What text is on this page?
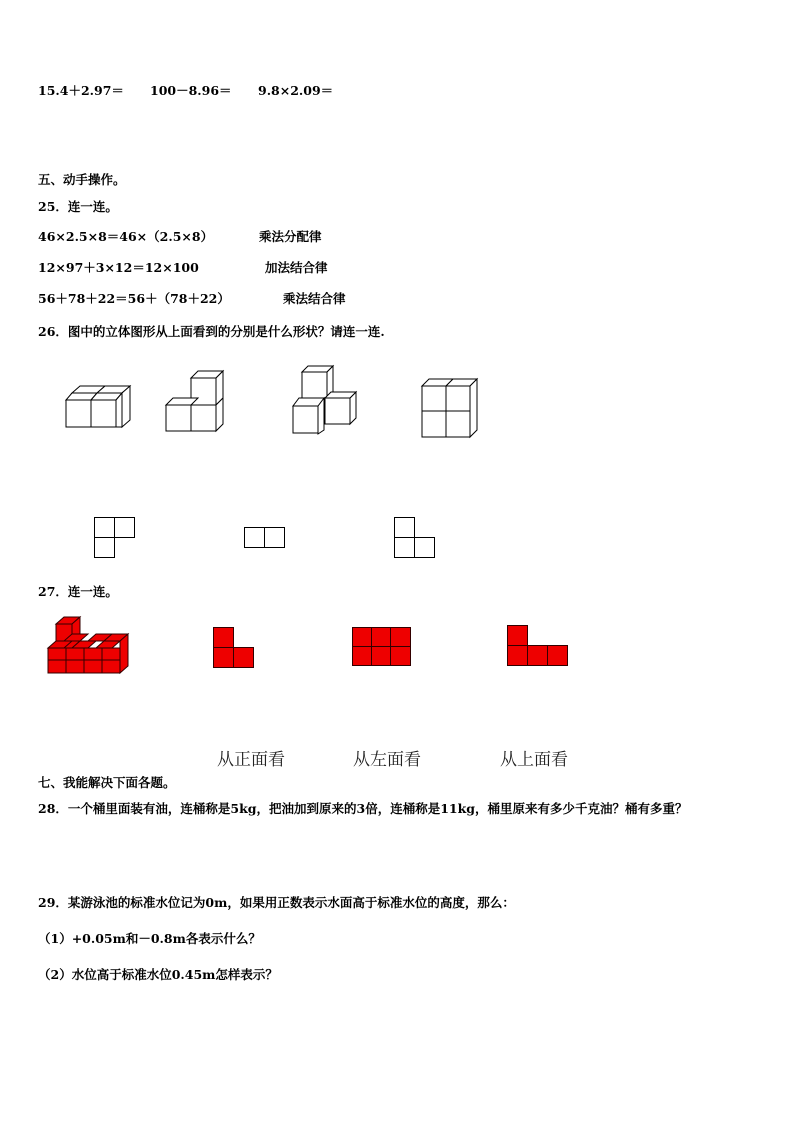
15.4＋2.97＝ 100－8.96＝ 9.8×2.09＝
五、动手操作。
25．连一连。
46×2.5×8＝46×（2.5×8）
12×97＋3×12＝12×100
56＋78＋22＝56＋（78＋22）
乘法分配律
加法结合律
乘法结合律
26．图中的立体图形从上面看到的分别是什么形状？请连一连.
27．连一连。
从正面看	从左面看	从上面看
七、我能解决下面各题。
28．一个桶里面装有油，连桶称是5kg，把油加到原来的3倍，连桶称是11kg，桶里原来有多少千克油？桶有多重？
29．某游泳池的标准水位记为0m，如果用正数表示水面高于标准水位的高度，那么：
（1）+0.05m和－0.8m各表示什么？
（2）水位高于标准水位0.45m怎样表示？
